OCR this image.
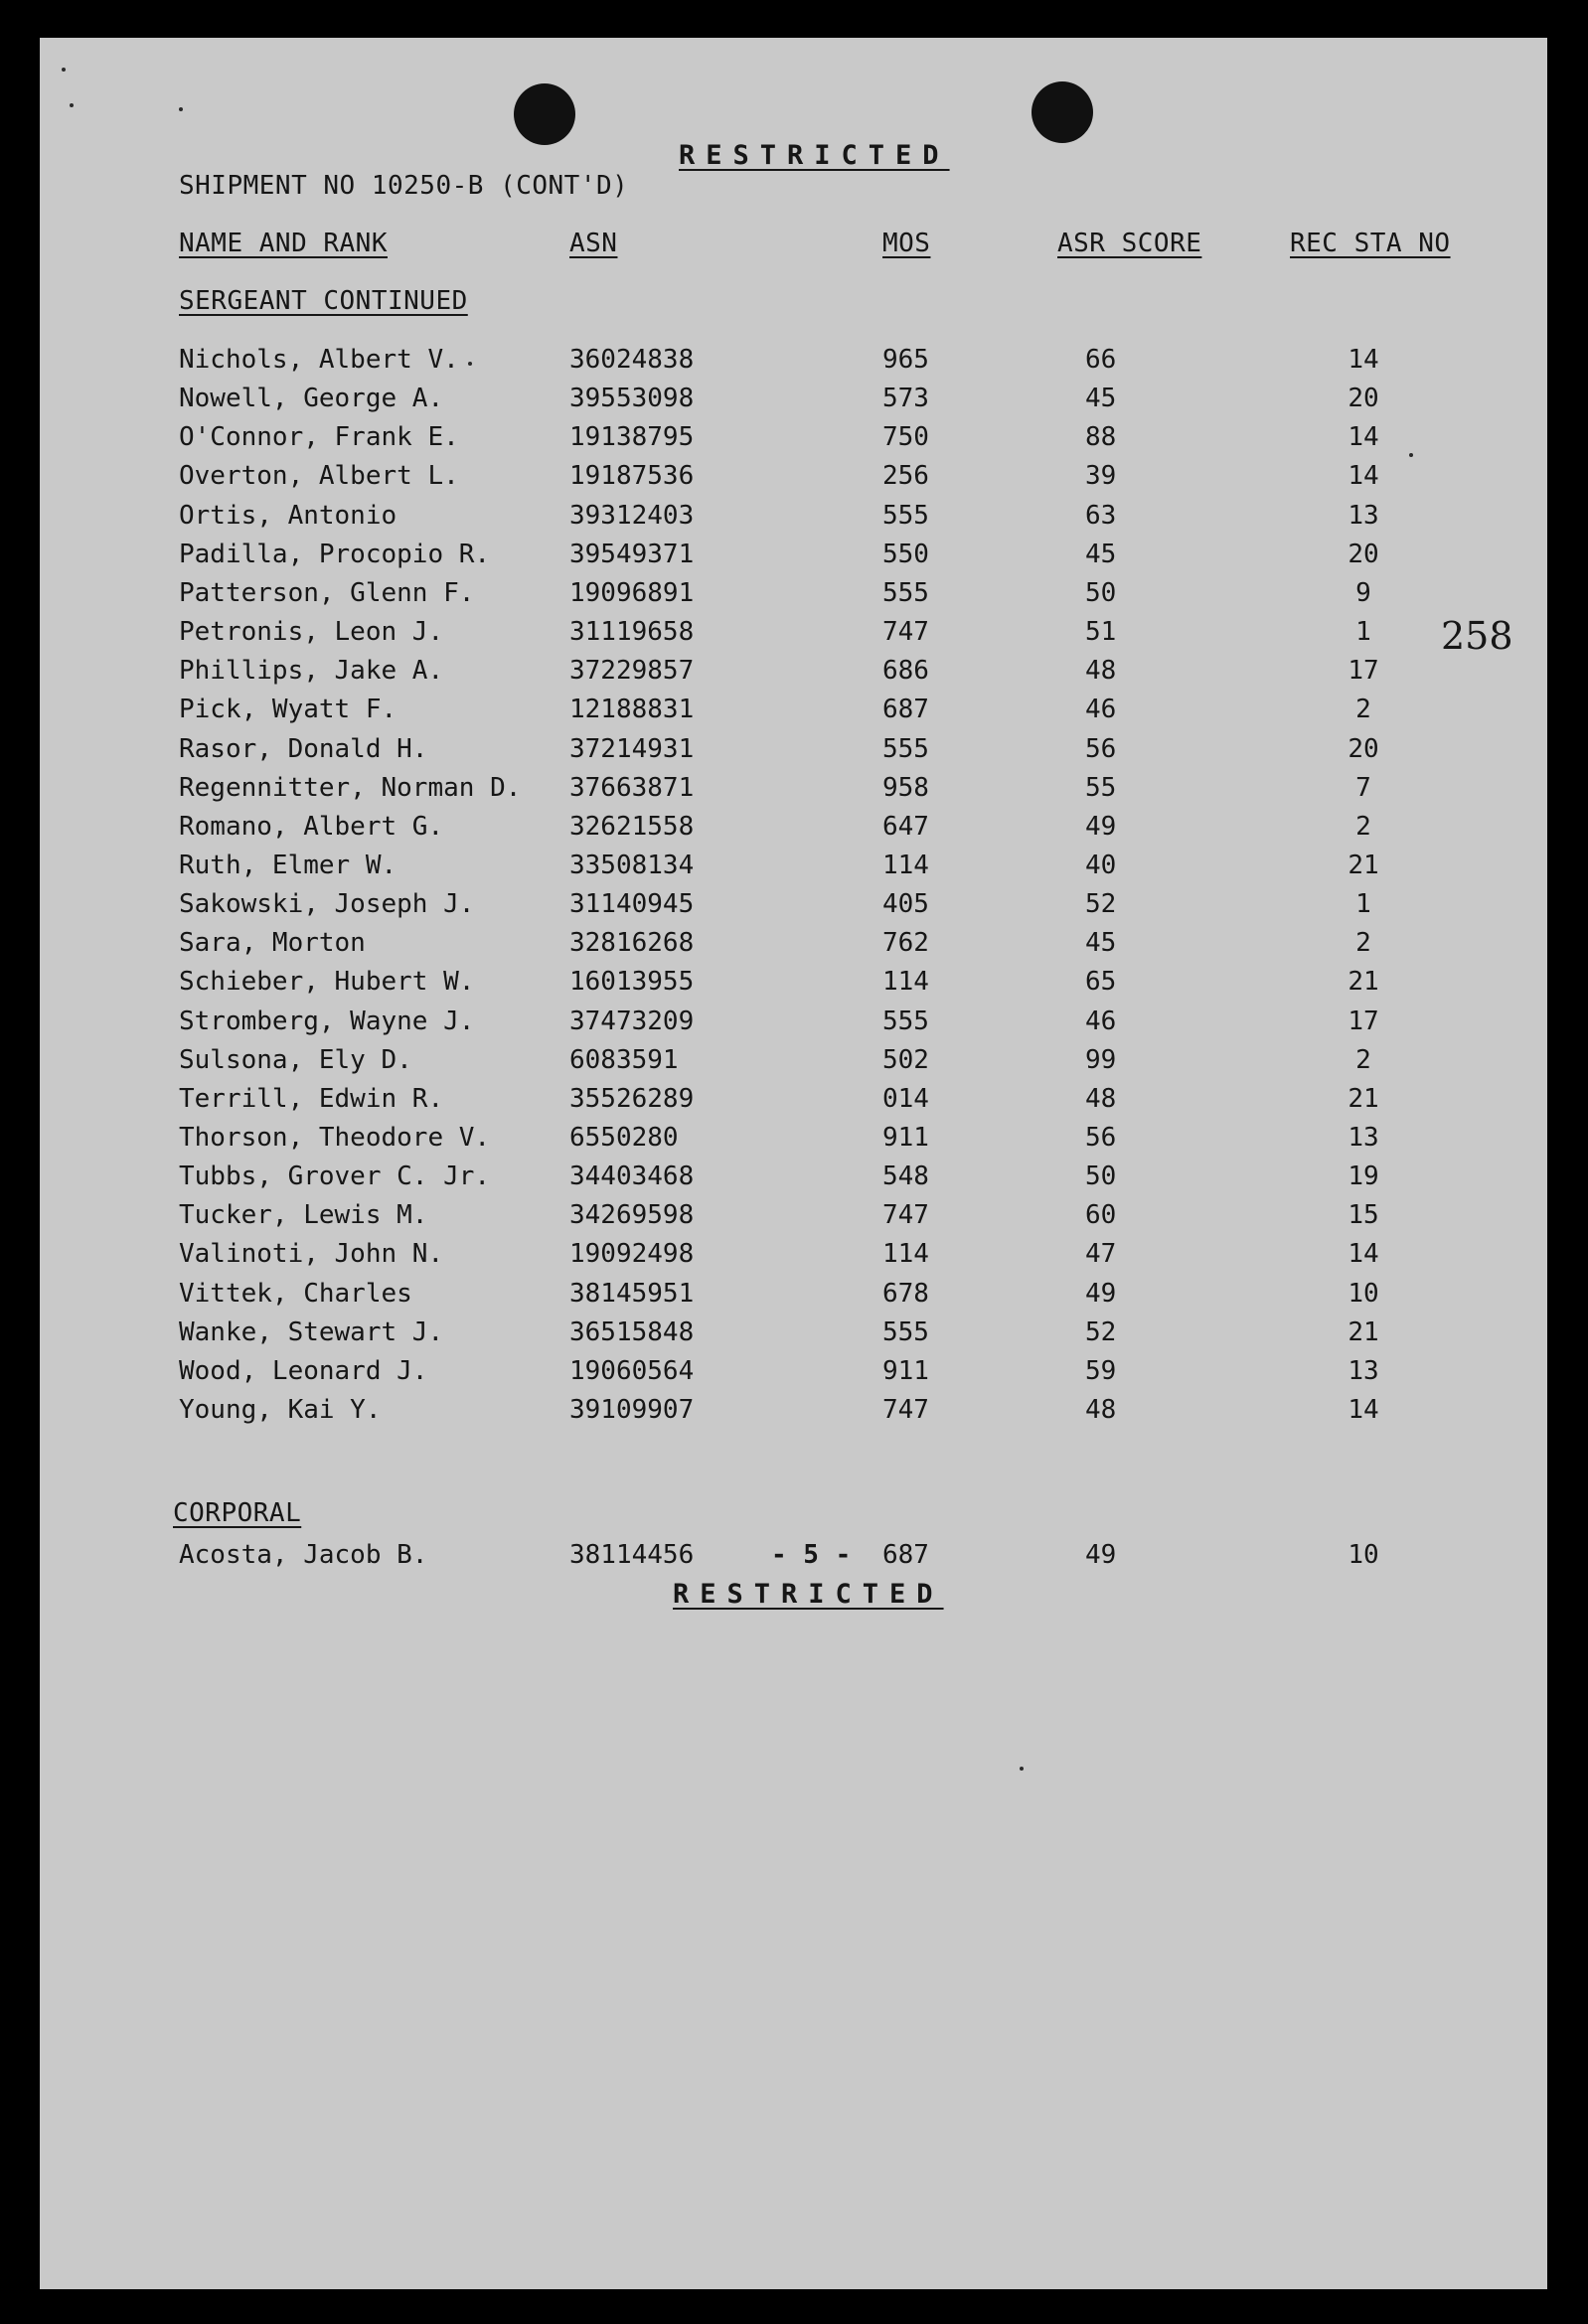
RESTRICTED
SHIPMENT NO 10250-B (CONT'D)
NAME AND RANK	ASN	MOS	ASR SCORE	REC STA NO
SERGEANT CONTINUED
Nichols, Albert V.	36024838	965	66	14
Nowell, George A.	39553098	573	45	20
O'Connor, Frank E.	19138795	750	88	14
Overton, Albert L.	19187536	256	39	14
Ortis, Antonio	39312403	555	63	13
Padilla, Procopio R.	39549371	550	45	20
Patterson, Glenn F.	19096891	555	50	9
Petronis, Leon J.	31119658	747	51	1
Phillips, Jake A.	37229857	686	48	17
Pick, Wyatt F.	12188831	687	46	2
Rasor, Donald H.	37214931	555	56	20
Regennitter, Norman D. 37663871	958	55	7
Romano, Albert G.	32621558	647	49	2
Ruth, Elmer W.	33508134	114	40	21
Sakowski, Joseph J.	31140945	405	52	1
Sara, Morton	32816268	762	45	2
Schieber, Hubert W.	16013955	114	65	21
Stromberg, Wayne J.	37473209	555	46	17
Sulsona, Ely D.	6083591	502	99	2
Terrill, Edwin R.	35526289	014	48	21
Thorson, Theodore V.	6550280	911	56	13
Tubbs, Grover C. Jr.	34403468	548	50	19
Tucker, Lewis M.	34269598	747	60	15
Valinoti, John N.	19092498	114	47	14
Vittek, Charles	38145951	678	49	10
Wanke, Stewart J.	36515848	555	52	21
Wood, Leonard J.	19060564	911	59	13
Young, Kai Y.	39109907	747	48	14
CORPORAL
Acosta, Jacob B.	38114456	687	49	10
- 5 -
RESTRICTED
258
